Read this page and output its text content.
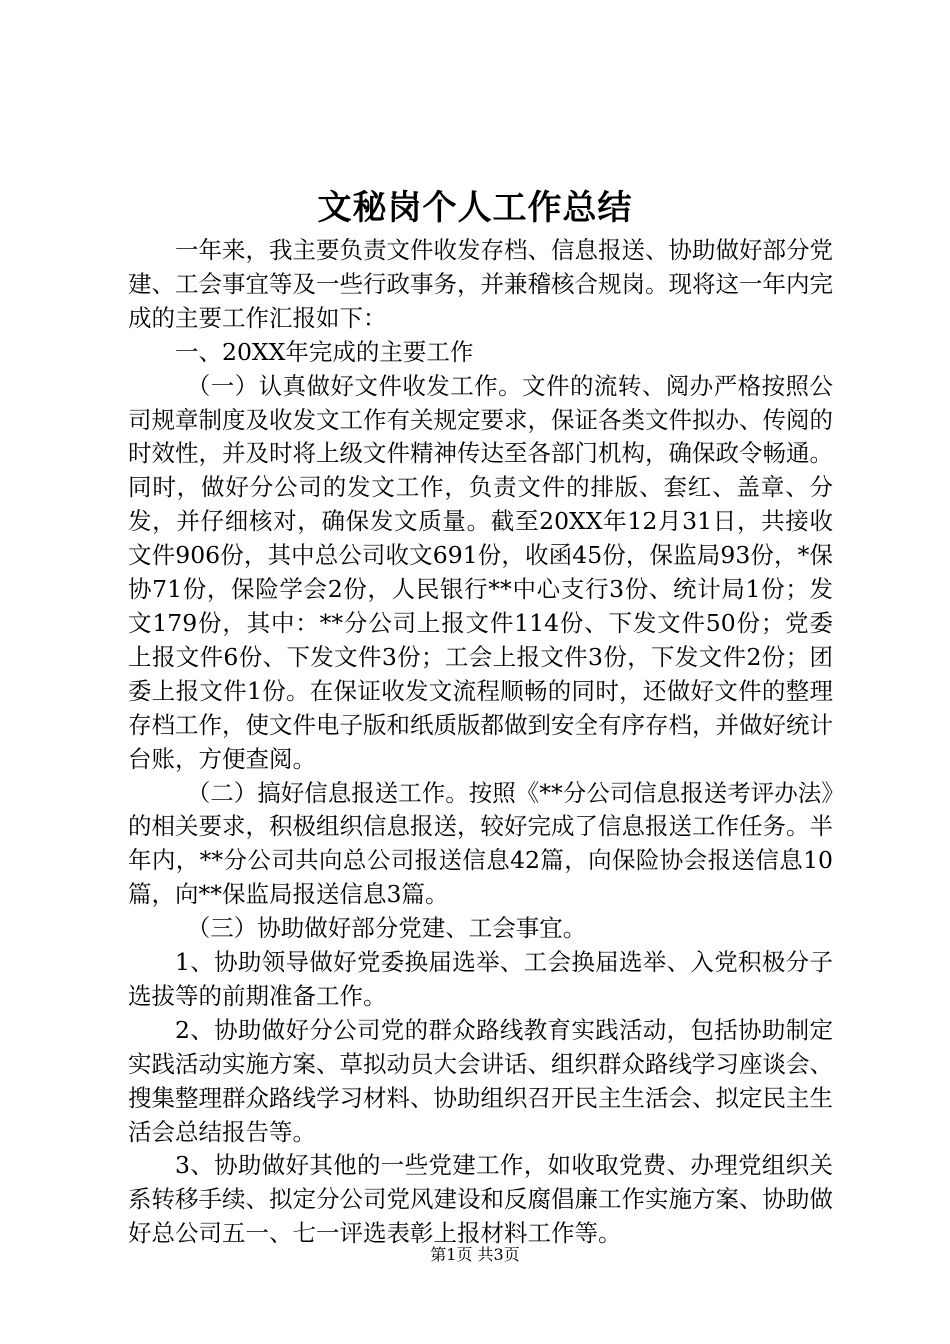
文秘岗个人工作总结

一年来，我主要负责文件收发存档、信息报送、协助做好部分党建、工会事宜等及一些行政事务，并兼稽核合规岗。现将这一年内完成的主要工作汇报如下：

一、20XX年完成的主要工作

（一）认真做好文件收发工作。文件的流转、阅办严格按照公司规章制度及收发文工作有关规定要求，保证各类文件拟办、传阅的时效性，并及时将上级文件精神传达至各部门机构，确保政令畅通。同时，做好分公司的发文工作，负责文件的排版、套红、盖章、分发，并仔细核对，确保发文质量。截至20XX年12月31日，共接收文件906份，其中总公司收文691份，收函45份，保监局93份，*保协71份，保险学会2份，人民银行**中心支行3份、统计局1份；发文179份，其中：**分公司上报文件114份、下发文件50份；党委上报文件6份、下发文件3份；工会上报文件3份，下发文件2份；团委上报文件1份。在保证收发文流程顺畅的同时，还做好文件的整理存档工作，使文件电子版和纸质版都做到安全有序存档，并做好统计台账，方便查阅。

（二）搞好信息报送工作。按照《**分公司信息报送考评办法》的相关要求，积极组织信息报送，较好完成了信息报送工作任务。半年内，**分公司共向总公司报送信息42篇，向保险协会报送信息10篇，向**保监局报送信息3篇。

（三）协助做好部分党建、工会事宜。

1、协助领导做好党委换届选举、工会换届选举、入党积极分子选拔等的前期准备工作。

2、协助做好分公司党的群众路线教育实践活动，包括协助制定实践活动实施方案、草拟动员大会讲话、组织群众路线学习座谈会、搜集整理群众路线学习材料、协助组织召开民主生活会、拟定民主生活会总结报告等。

3、协助做好其他的一些党建工作，如收取党费、办理党组织关系转移手续、拟定分公司党风建设和反腐倡廉工作实施方案、协助做好总公司五一、七一评选表彰上报材料工作等。

第1页 共3页
